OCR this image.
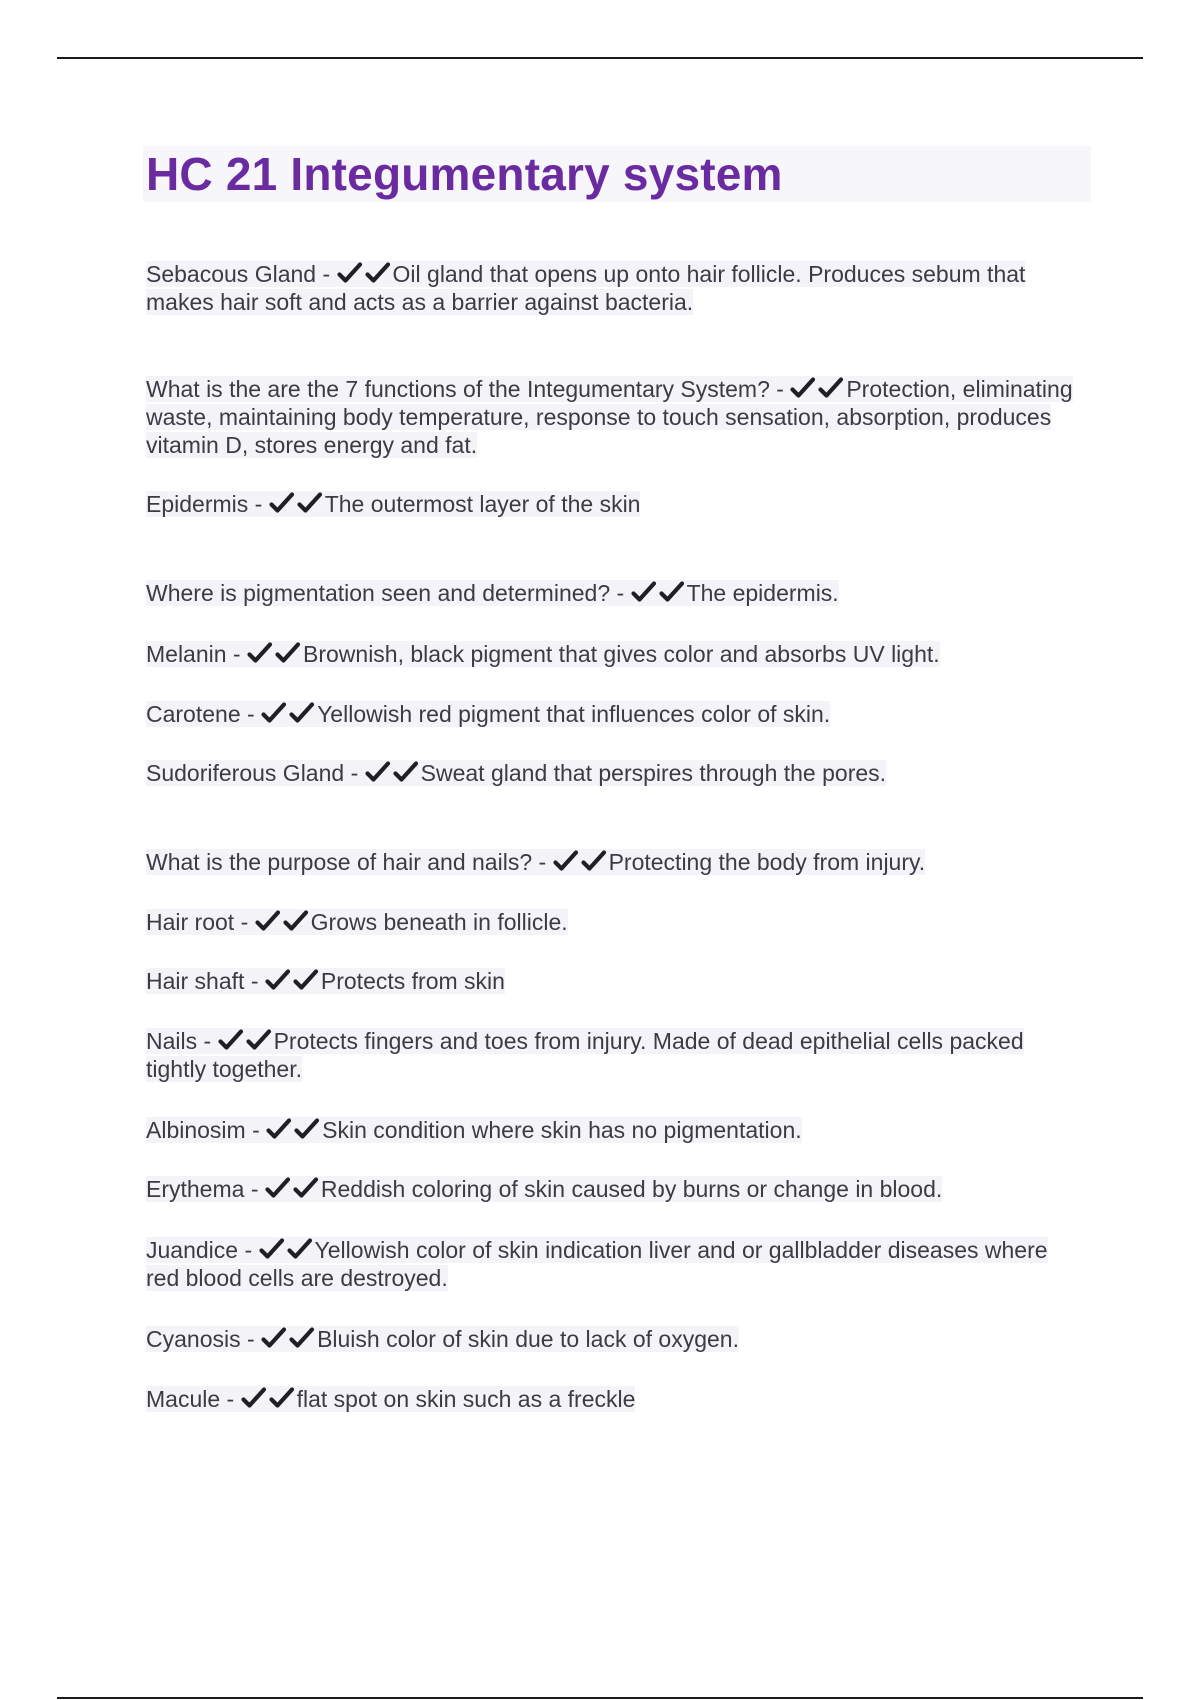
HC 21 Integumentary system
Sebacous Gland -
Oil gland that opens up onto hair follicle. Produces sebum that makes hair soft and acts as a barrier against bacteria.
What is the are the 7 functions of the Integumentary System? -
Protection, eliminating waste, maintaining body temperature, response to touch sensation, absorption, produces vitamin D, stores energy and fat.
Epidermis -
The outermost layer of the skin
Where is pigmentation seen and determined? -
The epidermis.
Melanin -
Brownish, black pigment that gives color and absorbs UV light.
Carotene -
Yellowish red pigment that influences color of skin.
Sudoriferous Gland -
Sweat gland that perspires through the pores.
What is the purpose of hair and nails? -
Protecting the body from injury.
Hair root -
Grows beneath in follicle.
Hair shaft -
Protects from skin
Nails -
Protects fingers and toes from injury. Made of dead epithelial cells packed tightly together.
Albinosim -
Skin condition where skin has no pigmentation.
Erythema -
Reddish coloring of skin caused by burns or change in blood.
Juandice -
Yellowish color of skin indication liver and or gallbladder diseases where red blood cells are destroyed.
Cyanosis -
Bluish color of skin due to lack of oxygen.
Macule -
flat spot on skin such as a freckle
